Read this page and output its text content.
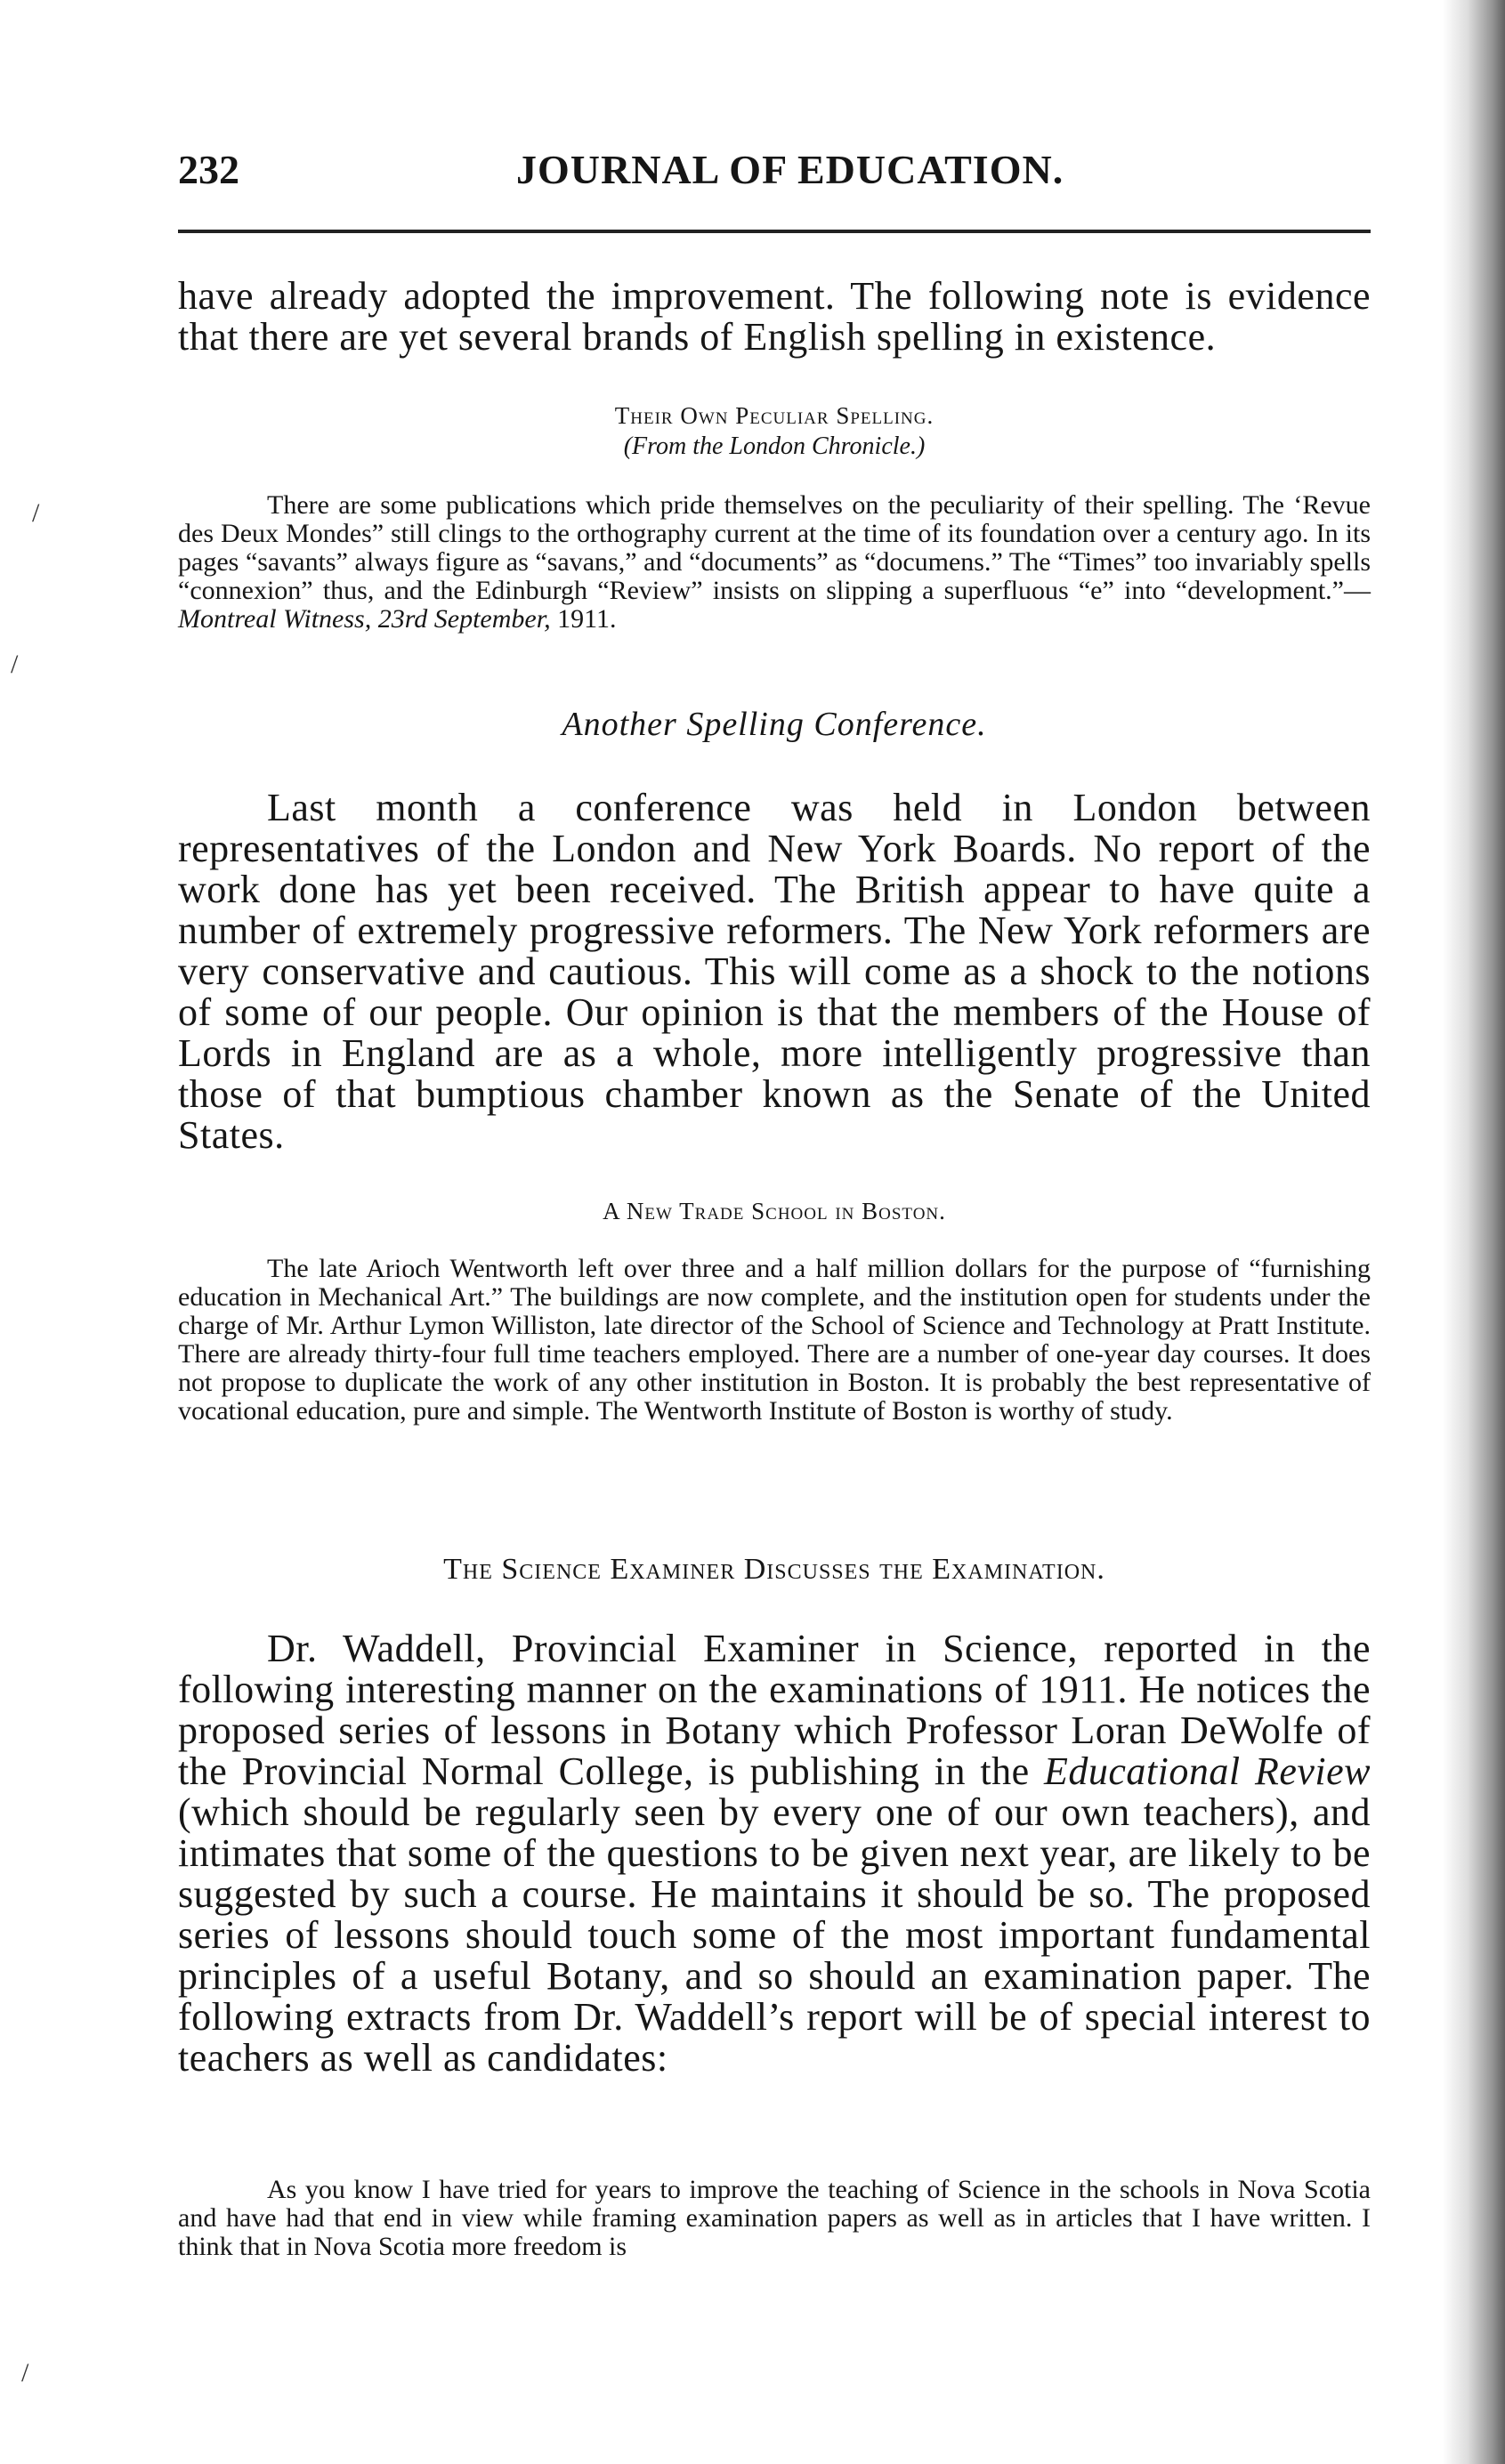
232	JOURNAL OF EDUCATION.

have already adopted the improvement. The following note is evidence that there are yet several brands of English spelling in existence.

Their Own Peculiar Spelling.
(From the London Chronicle.)

There are some publications which pride themselves on the peculiarity of their spelling. The ‘Revue des Deux Mondes” still clings to the orthography current at the time of its foundation over a century ago. In its pages “savants” always figure as “savans,” and “documents” as “documens.” The “Times” too invariably spells “connexion” thus, and the Edinburgh “Review” insists on slipping a superfluous “e” into “development.”—Montreal Witness, 23rd September, 1911.

Another Spelling Conference.

Last month a conference was held in London between representatives of the London and New York Boards. No report of the work done has yet been received. The British appear to have quite a number of extremely progressive reformers. The New York reformers are very conservative and cautious. This will come as a shock to the notions of some of our people. Our opinion is that the members of the House of Lords in England are as a whole, more intelligently progressive than those of that bumptious chamber known as the Senate of the United States.

A New Trade School in Boston.

The late Arioch Wentworth left over three and a half million dollars for the purpose of “furnishing education in Mechanical Art.” The buildings are now complete, and the institution open for students under the charge of Mr. Arthur Lymon Williston, late director of the School of Science and Technology at Pratt Institute. There are already thirty-four full time teachers employed. There are a number of one-year day courses. It does not propose to duplicate the work of any other institution in Boston. It is probably the best representative of vocational education, pure and simple. The Wentworth Institute of Boston is worthy of study.

The Science Examiner Discusses the Examination.

Dr. Waddell, Provincial Examiner in Science, reported in the following interesting manner on the examinations of 1911. He notices the proposed series of lessons in Botany which Professor Loran DeWolfe of the Provincial Normal College, is publishing in the Educational Review (which should be regularly seen by every one of our own teachers), and intimates that some of the questions to be given next year, are likely to be suggested by such a course. He maintains it should be so. The proposed series of lessons should touch some of the most important fundamental principles of a useful Botany, and so should an examination paper. The following extracts from Dr. Waddell’s report will be of special interest to teachers as well as candidates:

As you know I have tried for years to improve the teaching of Science in the schools in Nova Scotia and have had that end in view while framing examination papers as well as in articles that I have written. I think that in Nova Scotia more freedom is

/
/
/
